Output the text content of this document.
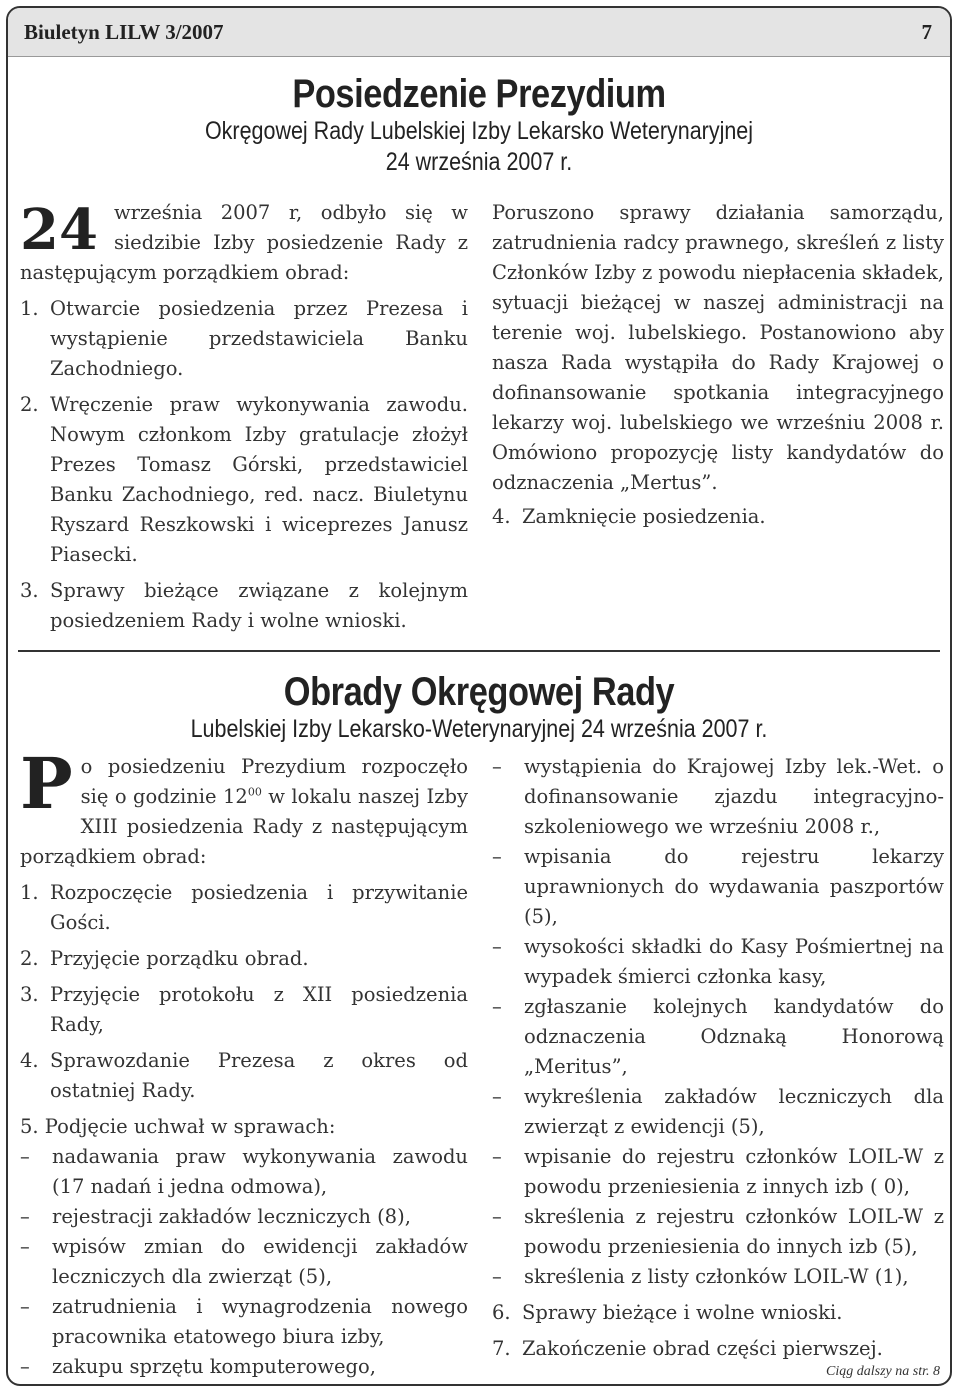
Biuletyn LILW 3/2007	7
Posiedzenie Prezydium
Okręgowej Rady Lubelskiej Izby Lekarsko Weterynaryjnej
24 września 2007 r.

24 września 2007 r, odbyło się w siedzibie Izby posiedzenie Rady z następującym porządkiem obrad:

1. Otwarcie posiedzenia przez Prezesa i wystąpienie przedstawiciela Banku Zachodniego.
2. Wręczenie praw wykonywania zawodu. Nowym członkom Izby gratulacje złożył Prezes Tomasz Górski, przedstawiciel Banku Zachodniego, red. nacz. Biuletynu Ryszard Reszkowski i wiceprezes Janusz Piasecki.
3. Sprawy bieżące związane z kolejnym posiedzeniem Rady i wolne wnioski.

Poruszono sprawy działania samorządu, zatrudnienia radcy prawnego, skreśleń z listy Członków Izby z powodu niepłacenia składek, sytuacji bieżącej w naszej administracji na terenie woj. lubelskiego. Postanowiono aby nasza Rada wystąpiła do Rady Krajowej o dofinansowanie spotkania integracyjnego lekarzy woj. lubelskiego we wrześniu 2008 r. Omówiono propozycję listy kandydatów do odznaczenia „Mertus”.

4. Zamknięcie posiedzenia.
Obrady Okręgowej Rady
Lubelskiej Izby Lekarsko-Weterynaryjnej 24 września 2007 r.

Po posiedzeniu Prezydium rozpoczęło się o godzinie $12^{00}$ w lokalu naszej Izby XIII posiedzenia Rady z następującym porządkiem obrad:

1. Rozpoczęcie posiedzenia i przywitanie Gości.
2. Przyjęcie porządku obrad.
3. Przyjęcie protokołu z XII posiedzenia Rady,
4. Sprawozdanie Prezesa z okres od ostatniej Rady.

5. Podjęcie uchwał w sprawach:

–	nadawania praw wykonywania zawodu (17 nadań i jedna odmowa),
–	rejestracji zakładów leczniczych (8),
–	wpisów zmian do ewidencji zakładów leczniczych dla zwierząt (5),
–	zatrudnienia i wynagrodzenia nowego pracownika etatowego biura izby,
–	zakupu sprzętu komputerowego,
–	wystąpienia do Krajowej Izby lek.-Wet. o dofinansowanie zjazdu integracyjno-szkoleniowego we wrześniu 2008 r.,
–	wpisania do rejestru lekarzy uprawnionych do wydawania paszportów (5),
–	wysokości składki do Kasy Pośmiertnej na wypadek śmierci członka kasy,
–	zgłaszanie kolejnych kandydatów do odznaczenia Odznaką Honorową „Meritus”,
–	wykreślenia zakładów leczniczych dla zwierząt z ewidencji (5),
–	wpisanie do rejestru członków LOIL-W z powodu przeniesienia z innych izb ( 0),
–	skreślenia z rejestru członków LOIL-W z powodu przeniesienia do innych izb (5),
–	skreślenia z listy członków LOIL-W (1),
6. Sprawy bieżące i wolne wnioski.
7. Zakończenie obrad części pierwszej.
Ciąg dalszy na str. 8
